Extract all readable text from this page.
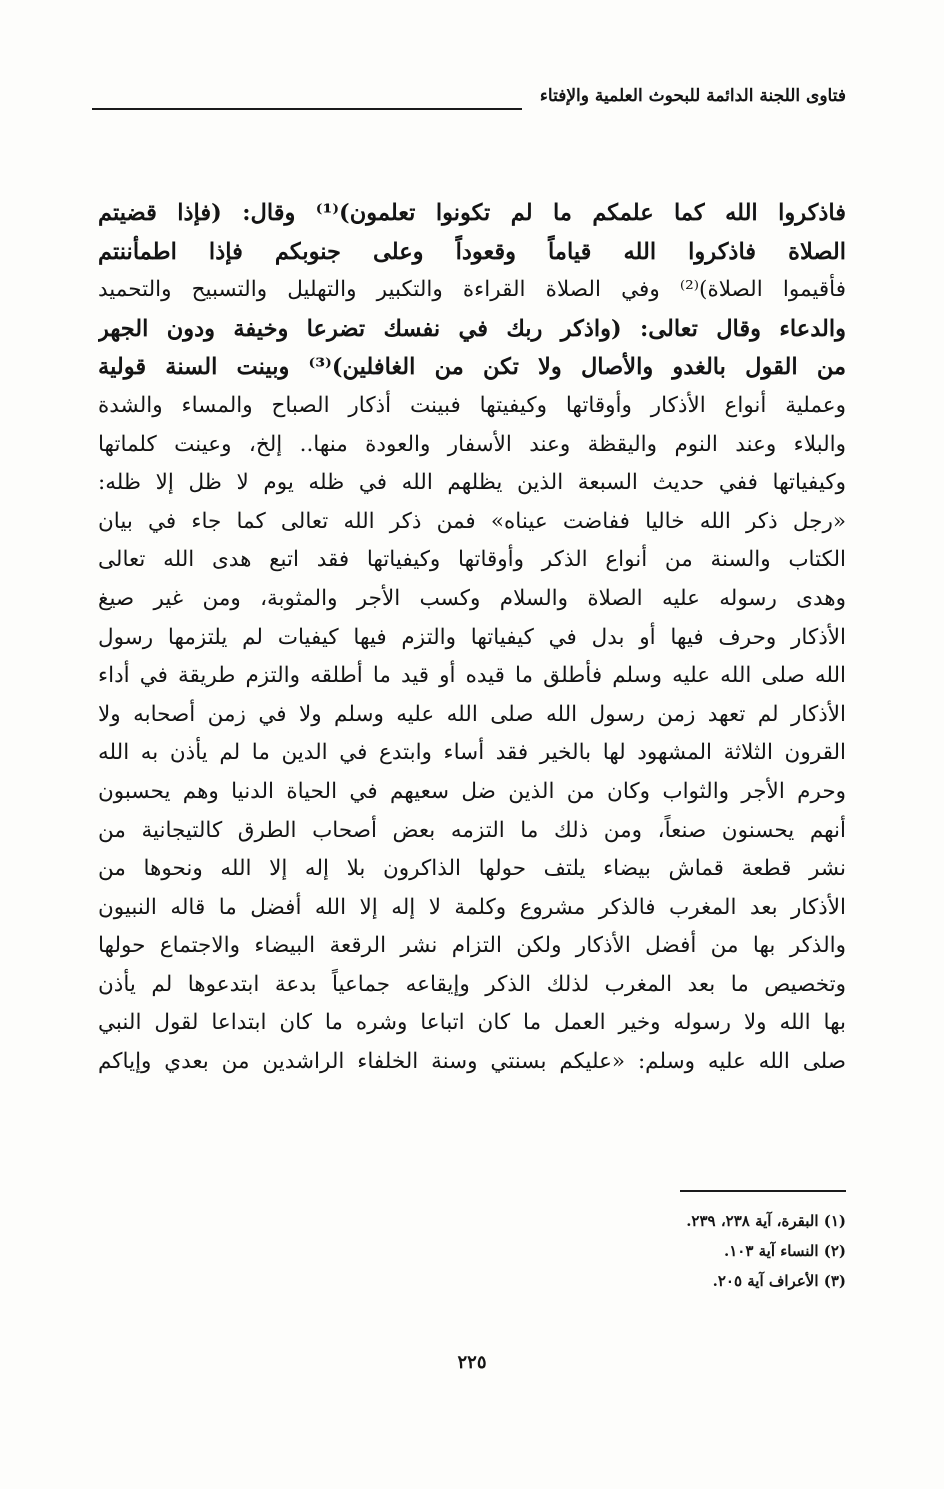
فتاوى اللجنة الدائمة للبحوث العلمية والإفتاء
فاذكروا الله كما علمكم ما لم تكونوا تعلمون)⁽¹⁾ وقال: (فإذا قضيتم
الصلاة فاذكروا الله قياماً وقعوداً وعلى جنوبكم فإذا اطمأننتم
فأقيموا الصلاة)⁽²⁾ وفي الصلاة القراءة والتكبير والتهليل والتسبيح والتحميد
والدعاء وقال تعالى: (واذكر ربك في نفسك تضرعا وخيفة ودون الجهر
من القول بالغدو والأصال ولا تكن من الغافلين)⁽³⁾ وبينت السنة قولية
وعملية أنواع الأذكار وأوقاتها وكيفيتها فبينت أذكار الصباح والمساء والشدة
والبلاء وعند النوم واليقظة وعند الأسفار والعودة منها.. إلخ، وعينت كلماتها
وكيفياتها ففي حديث السبعة الذين يظلهم الله في ظله يوم لا ظل إلا ظله:
«رجل ذكر الله خاليا ففاضت عيناه» فمن ذكر الله تعالى كما جاء في بيان
الكتاب والسنة من أنواع الذكر وأوقاتها وكيفياتها فقد اتبع هدى الله تعالى
وهدى رسوله عليه الصلاة والسلام وكسب الأجر والمثوبة، ومن غير صيغ
الأذكار وحرف فيها أو بدل في كيفياتها والتزم فيها كيفيات لم يلتزمها رسول
الله صلى الله عليه وسلم فأطلق ما قيده أو قيد ما أطلقه والتزم طريقة في أداء
الأذكار لم تعهد زمن رسول الله صلى الله عليه وسلم ولا في زمن أصحابه ولا
القرون الثلاثة المشهود لها بالخير فقد أساء وابتدع في الدين ما لم يأذن به الله
وحرم الأجر والثواب وكان من الذين ضل سعيهم في الحياة الدنيا وهم يحسبون
أنهم يحسنون صنعاً، ومن ذلك ما التزمه بعض أصحاب الطرق كالتيجانية من
نشر قطعة قماش بيضاء يلتف حولها الذاكرون بلا إله إلا الله ونحوها من
الأذكار بعد المغرب فالذكر مشروع وكلمة لا إله إلا الله أفضل ما قاله النبيون
والذكر بها من أفضل الأذكار ولكن التزام نشر الرقعة البيضاء والاجتماع حولها
وتخصيص ما بعد المغرب لذلك الذكر وإيقاعه جماعياً بدعة ابتدعوها لم يأذن
بها الله ولا رسوله وخير العمل ما كان اتباعا وشره ما كان ابتداعا لقول النبي
صلى الله عليه وسلم: «عليكم بسنتي وسنة الخلفاء الراشدين من بعدي وإياكم
(١) البقرة، آية ٢٣٨، ٢٣٩.
(٢) النساء آية ١٠٣.
(٣) الأعراف آية ٢٠٥.
٢٢٥
